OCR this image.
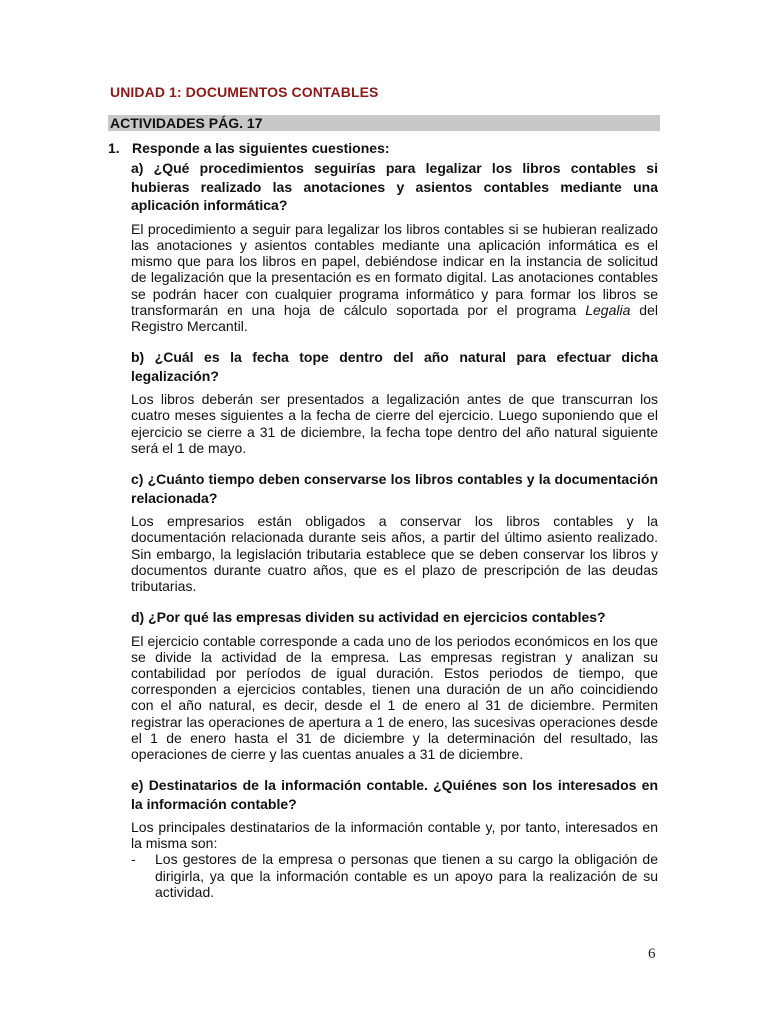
UNIDAD 1: DOCUMENTOS CONTABLES
ACTIVIDADES PÁG. 17
1. Responde a las siguientes cuestiones:

a) ¿Qué procedimientos seguirías para legalizar los libros contables si hubieras realizado las anotaciones y asientos contables mediante una aplicación informática?

El procedimiento a seguir para legalizar los libros contables si se hubieran realizado las anotaciones y asientos contables mediante una aplicación informática es el mismo que para los libros en papel, debiéndose indicar en la instancia de solicitud de legalización que la presentación es en formato digital. Las anotaciones contables se podrán hacer con cualquier programa informático y para formar los libros se transformarán en una hoja de cálculo soportada por el programa Legalia del Registro Mercantil.

b) ¿Cuál es la fecha tope dentro del año natural para efectuar dicha legalización?

Los libros deberán ser presentados a legalización antes de que transcurran los cuatro meses siguientes a la fecha de cierre del ejercicio. Luego suponiendo que el ejercicio se cierre a 31 de diciembre, la fecha tope dentro del año natural siguiente será el 1 de mayo.

c) ¿Cuánto tiempo deben conservarse los libros contables y la documentación relacionada?

Los empresarios están obligados a conservar los libros contables y la documentación relacionada durante seis años, a partir del último asiento realizado. Sin embargo, la legislación tributaria establece que se deben conservar los libros y documentos durante cuatro años, que es el plazo de prescripción de las deudas tributarias.

d) ¿Por qué las empresas dividen su actividad en ejercicios contables?

El ejercicio contable corresponde a cada uno de los periodos económicos en los que se divide la actividad de la empresa. Las empresas registran y analizan su contabilidad por períodos de igual duración. Estos periodos de tiempo, que corresponden a ejercicios contables, tienen una duración de un año coincidiendo con el año natural, es decir, desde el 1 de enero al 31 de diciembre. Permiten registrar las operaciones de apertura a 1 de enero, las sucesivas operaciones desde el 1 de enero hasta el 31 de diciembre y la determinación del resultado, las operaciones de cierre y las cuentas anuales a 31 de diciembre.

e) Destinatarios de la información contable. ¿Quiénes son los interesados en la información contable?

Los principales destinatarios de la información contable y, por tanto, interesados en la misma son:

-	Los gestores de la empresa o personas que tienen a su cargo la obligación de dirigirla, ya que la información contable es un apoyo para la realización de su actividad.
6
